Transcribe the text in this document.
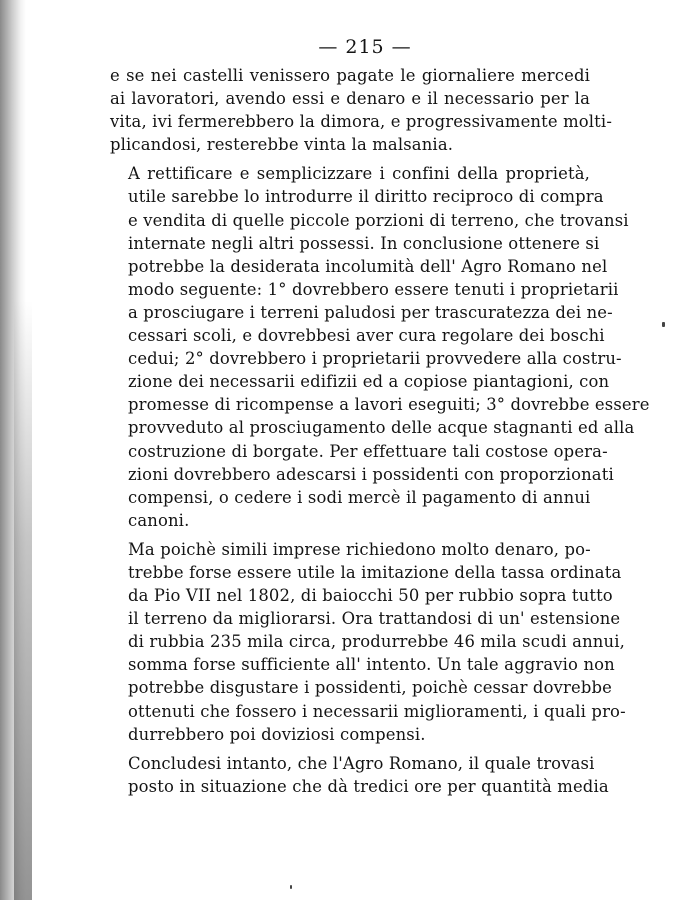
— 215 —

e se nei castelli venissero pagate le giornaliere mercedi
ai lavoratori, avendo essi e denaro e il necessario per la
vita, ivi fermerebbero la dimora, e progressivamente molti-
plicandosi, resterebbe vinta la malsania.

A rettificare e semplicizzare i confini della proprietà,
utile sarebbe lo introdurre il diritto reciproco di compra
e vendita di quelle piccole porzioni di terreno, che trovansi
internate negli altri possessi. In conclusione ottenere si
potrebbe la desiderata incolumità dell' Agro Romano nel
modo seguente: 1° dovrebbero essere tenuti i proprietarii
a prosciugare i terreni paludosi per trascuratezza dei ne-
cessari scoli, e dovrebbesi aver cura regolare dei boschi
cedui; 2° dovrebbero i proprietarii provvedere alla costru-
zione dei necessarii edifizii ed a copiose piantagioni, con
promesse di ricompense a lavori eseguiti; 3° dovrebbe essere
provveduto al prosciugamento delle acque stagnanti ed alla
costruzione di borgate. Per effettuare tali costose opera-
zioni dovrebbero adescarsi i possidenti con proporzionati
compensi, o cedere i sodi mercè il pagamento di annui
canoni.

Ma poichè simili imprese richiedono molto denaro, po-
trebbe forse essere utile la imitazione della tassa ordinata
da Pio VII nel 1802, di baiocchi 50 per rubbio sopra tutto
il terreno da migliorarsi. Ora trattandosi di un' estensione
di rubbia 235 mila circa, produrrebbe 46 mila scudi annui,
somma forse sufficiente all' intento. Un tale aggravio non
potrebbe disgustare i possidenti, poichè cessar dovrebbe
ottenuti che fossero i necessarii miglioramenti, i quali pro-
durrebbero poi doviziosi compensi.

Concludesi intanto, che l'Agro Romano, il quale trovasi
posto in situazione che dà tredici ore per quantità media
